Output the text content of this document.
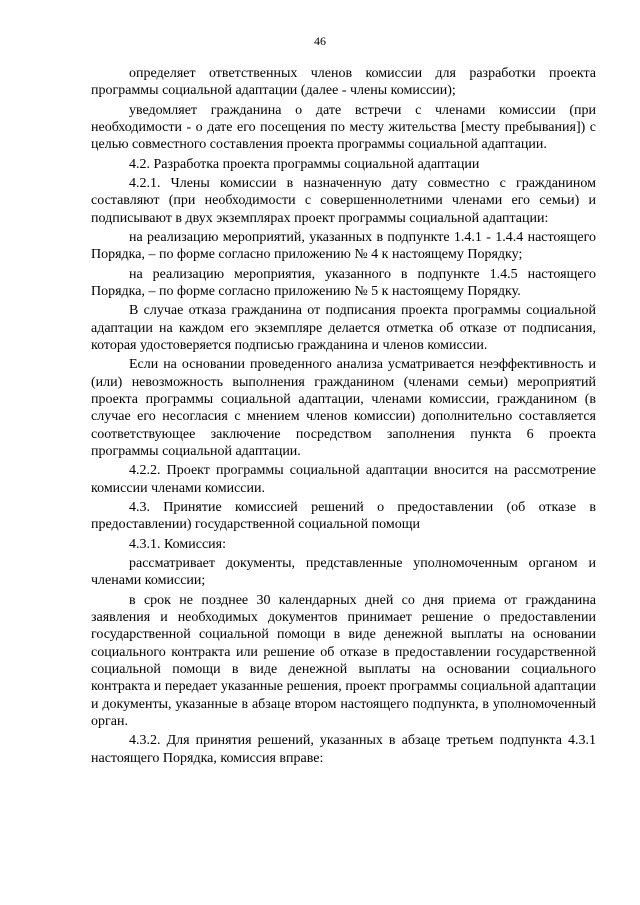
46

определяет ответственных членов комиссии для разработки проекта программы социальной адаптации (далее - члены комиссии);

уведомляет гражданина о дате встречи с членами комиссии (при необходимости - о дате его посещения по месту жительства [месту пребывания]) с целью совместного составления проекта программы социальной адаптации.

4.2. Разработка проекта программы социальной адаптации

4.2.1. Члены комиссии в назначенную дату совместно с гражданином составляют (при необходимости с совершеннолетними членами его семьи) и подписывают в двух экземплярах проект программы социальной адаптации:

на реализацию мероприятий, указанных в подпункте 1.4.1 - 1.4.4 настоящего Порядка, – по форме согласно приложению № 4 к настоящему Порядку;

на реализацию мероприятия, указанного в подпункте 1.4.5 настоящего Порядка, – по форме согласно приложению № 5 к настоящему Порядку.

В случае отказа гражданина от подписания проекта программы социальной адаптации на каждом его экземпляре делается отметка об отказе от подписания, которая удостоверяется подписью гражданина и членов комиссии.

Если на основании проведенного анализа усматривается неэффективность и (или) невозможность выполнения гражданином (членами семьи) мероприятий проекта программы социальной адаптации, членами комиссии, гражданином (в случае его несогласия с мнением членов комиссии) дополнительно составляется соответствующее заключение посредством заполнения пункта 6 проекта программы социальной адаптации.

4.2.2. Проект программы социальной адаптации вносится на рассмотрение комиссии членами комиссии.

4.3. Принятие комиссией решений о предоставлении (об отказе в предоставлении) государственной социальной помощи

4.3.1. Комиссия:

рассматривает документы, представленные уполномоченным органом и членами комиссии;

в срок не позднее 30 календарных дней со дня приема от гражданина заявления и необходимых документов принимает решение о предоставлении государственной социальной помощи в виде денежной выплаты на основании социального контракта или решение об отказе в предоставлении государственной социальной помощи в виде денежной выплаты на основании социального контракта и передает указанные решения, проект программы социальной адаптации и документы, указанные в абзаце втором настоящего подпункта, в уполномоченный орган.

4.3.2. Для принятия решений, указанных в абзаце третьем подпункта 4.3.1 настоящего Порядка, комиссия вправе:
